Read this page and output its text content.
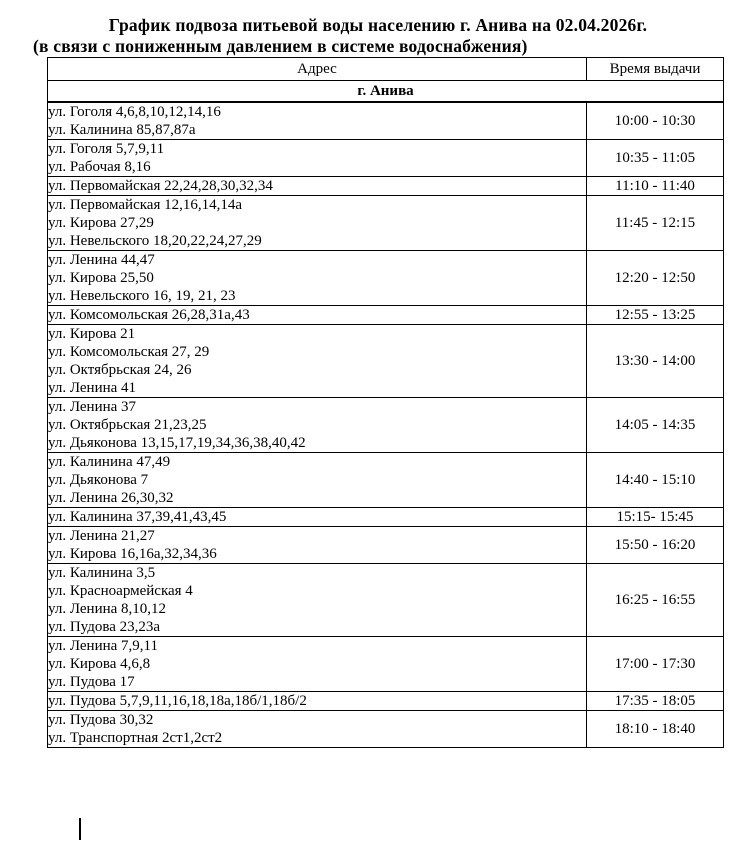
График подвоза питьевой воды населению г. Анива на 02.04.2026г.
(в связи с пониженным давлением в системе водоснабжения)
Адрес	Время выдачи
г. Анива	

ул. Гоголя 4,6,8,10,12,14,16
ул. Калинина 85,87,87а	10:00 - 10:30

ул. Гоголя 5,7,9,11
ул. Рабочая 8,16	10:35 - 11:05

ул. Первомайская 22,24,28,30,32,34	11:10 - 11:40

ул. Первомайская 12,16,14,14а
ул. Кирова 27,29
ул. Невельского 18,20,22,24,27,29	11:45 - 12:15

ул. Ленина 44,47
ул. Кирова 25,50
ул. Невельского 16, 19, 21, 23	12:20 - 12:50

ул. Комсомольская 26,28,31а,43	12:55 - 13:25

ул. Кирова 21
ул. Комсомольская 27, 29
ул. Октябрьская 24, 26
ул. Ленина 41	13:30 - 14:00

ул. Ленина 37
ул. Октябрьская 21,23,25
ул. Дьяконова 13,15,17,19,34,36,38,40,42	14:05 - 14:35

ул. Калинина 47,49
ул. Дьяконова 7
ул. Ленина 26,30,32	14:40 - 15:10

ул. Калинина 37,39,41,43,45	15:15- 15:45

ул. Ленина 21,27
ул. Кирова 16,16а,32,34,36	15:50 - 16:20

ул. Калинина 3,5
ул. Красноармейская 4
ул. Ленина 8,10,12
ул. Пудова 23,23а	16:25 - 16:55

ул. Ленина 7,9,11
ул. Кирова 4,6,8
ул. Пудова 17	17:00 - 17:30

ул. Пудова 5,7,9,11,16,18,18а,18б/1,18б/2	17:35 - 18:05

ул. Пудова 30,32
ул. Транспортная 2ст1,2ст2	18:10 - 18:40
